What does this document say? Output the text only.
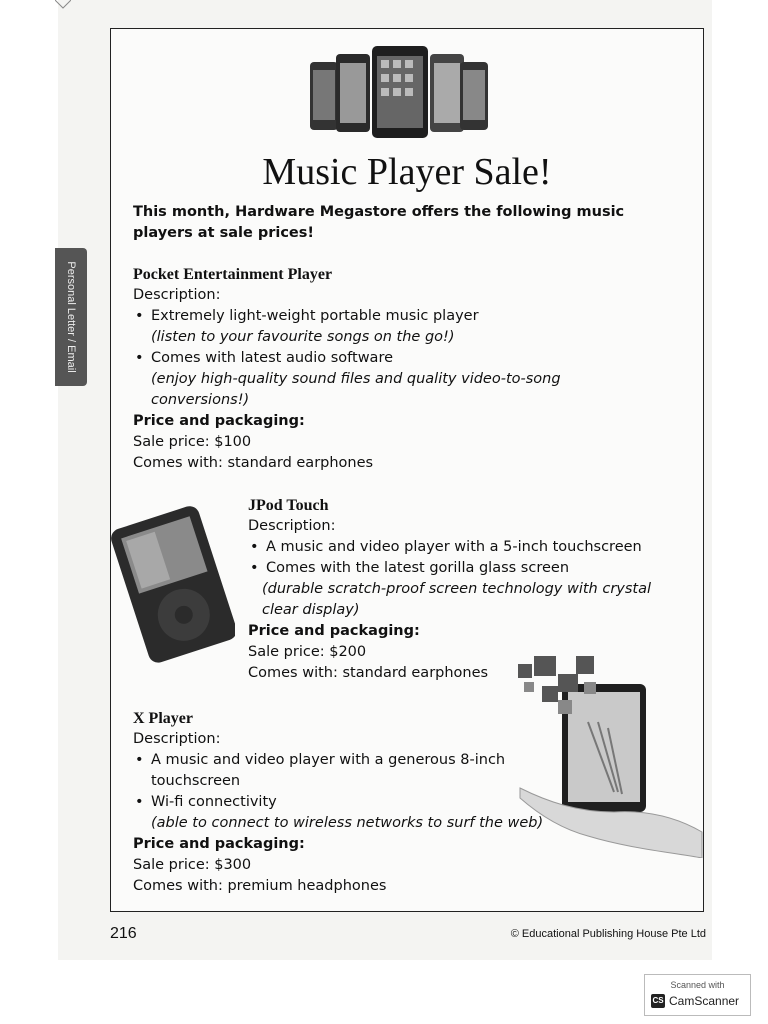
Personal Letter / Email
Music Player Sale!
This month, Hardware Megastore offers the following music players at sale prices!
Pocket Entertainment Player
Description:
• Extremely light-weight portable music player
(listen to your favourite songs on the go!)
• Comes with latest audio software
(enjoy high-quality sound files and quality video-to-song conversions!)
Price and packaging:
Sale price: $100
Comes with: standard earphones
JPod Touch
Description:
• A music and video player with a 5-inch touchscreen
• Comes with the latest gorilla glass screen
(durable scratch-proof screen technology with crystal clear display)
Price and packaging:
Sale price: $200
Comes with: standard earphones
X Player
Description:
• A music and video player with a generous 8-inch touchscreen
• Wi-fi connectivity
(able to connect to wireless networks to surf the web)
Price and packaging:
Sale price: $300
Comes with: premium headphones
216	© Educational Publishing House Pte Ltd
Scanned with
CS CamScanner
